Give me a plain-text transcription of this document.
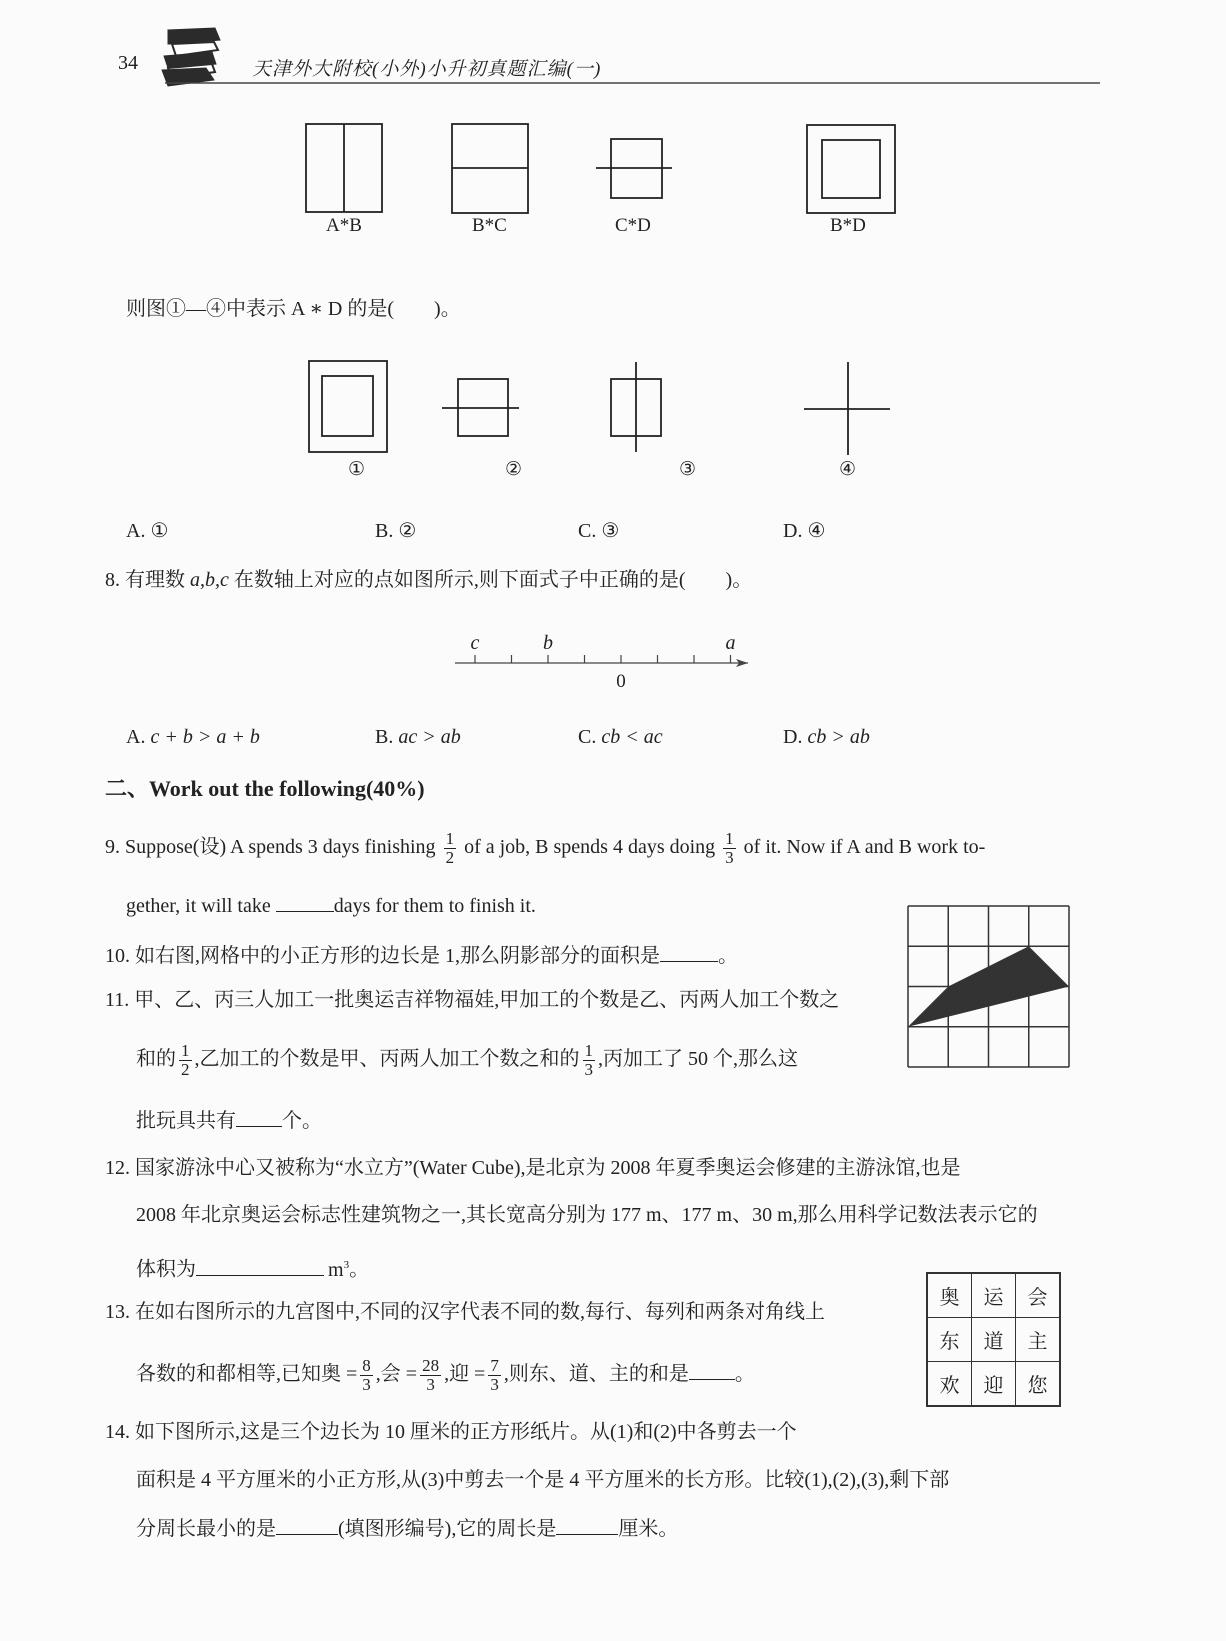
34	天津外大附校(小外)小升初真题汇编(一)
A*B	B*C	C*D	B*D
则图①—④中表示 A ∗ D 的是(　　)。
①	②	③	④
A. ①	B. ②	C. ③	D. ④
8. 有理数 a,b,c 在数轴上对应的点如图所示,则下面式子中正确的是(　　)。
c	b	a
0
A. c + b > a + b	B. ac > ab	C. cb < ac	D. cb > ab
二、Work out the following(40%)
9. Suppose(设) A spends 3 days finishing $\frac{1}{2}$ of a job, B spends 4 days doing $\frac{1}{3}$ of it. Now if A and B work to-
gether, it will take	days for them to finish it.
10. 如右图,网格中的小正方形的边长是 1,那么阴影部分的面积是	。
11. 甲、乙、丙三人加工一批奥运吉祥物福娃,甲加工的个数是乙、丙两人加工个数之
和的 $\frac{1}{2}$ ,乙加工的个数是甲、丙两人加工个数之和的 $\frac{1}{3}$ ,丙加工了 50 个,那么这
批玩具共有 个。
12. 国家游泳中心又被称为“水立方”(Water Cube),是北京为 2008 年夏季奥运会修建的主游泳馆,也是
2008 年北京奥运会标志性建筑物之一,其长宽高分别为 177 m、177 m、30 m,那么用科学记数法表示它的
体积为	$m^3$。
13. 在如右图所示的九宫图中,不同的汉字代表不同的数,每行、每列和两条对角线上
各数的和都相等,已知奥 = $\frac{8}{3}$ ,会 = $\frac{28}{3}$ ,迎 = $\frac{7}{3}$ ,则东、道、主的和是 。
奥	运	会
东	道	主
欢	迎	您
14. 如下图所示,这是三个边长为 10 厘米的正方形纸片。从(1)和(2)中各剪去一个
面积是 4 平方厘米的小正方形,从(3)中剪去一个是 4 平方厘米的长方形。比较(1),(2),(3),剩下部
分周长最小的是	(填图形编号),它的周长是	厘米。
